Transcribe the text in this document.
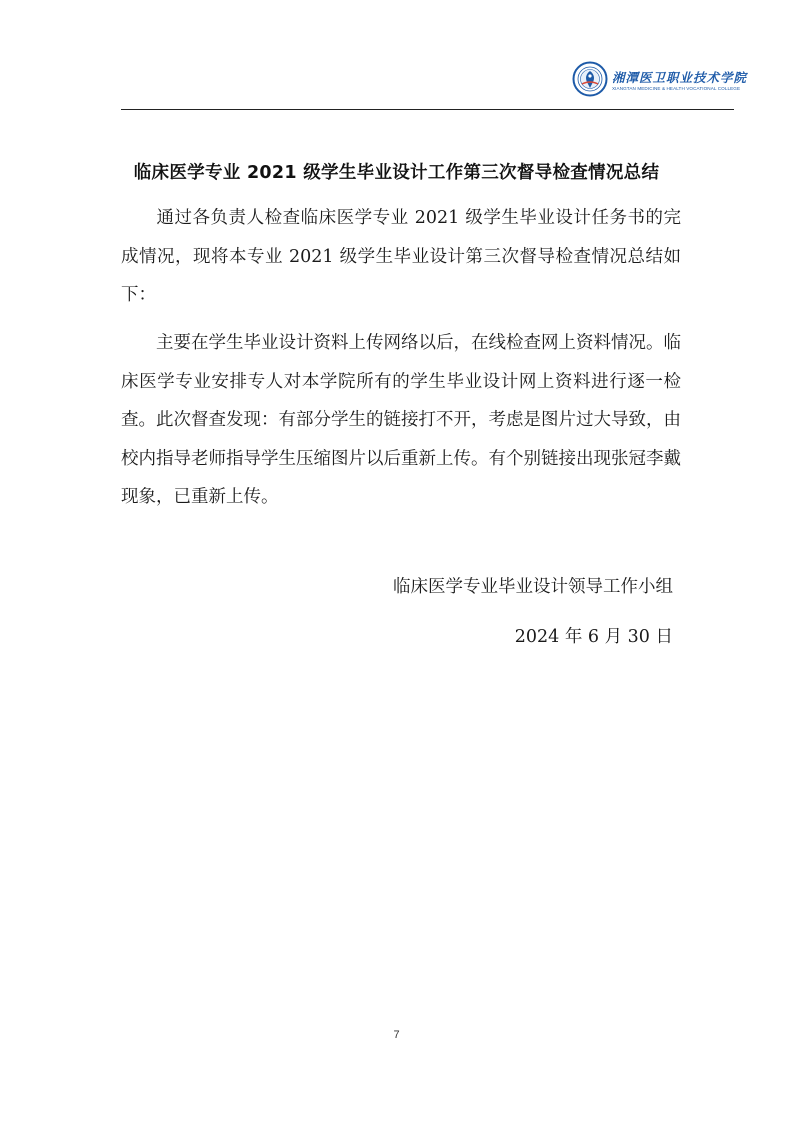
湘潭医卫职业技术学院
XIANGTAN MEDICINE & HEALTH VOCATIONAL COLLEGE
临床医学专业 2021 级学生毕业设计工作第三次督导检查情况总结
通过各负责人检查临床医学专业 2021 级学生毕业设计任务书的完成情况，现将本专业 2021 级学生毕业设计第三次督导检查情况总结如下：
主要在学生毕业设计资料上传网络以后，在线检查网上资料情况。临床医学专业安排专人对本学院所有的学生毕业设计网上资料进行逐一检查。此次督查发现：有部分学生的链接打不开，考虑是图片过大导致，由校内指导老师指导学生压缩图片以后重新上传。有个别链接出现张冠李戴现象，已重新上传。
临床医学专业毕业设计领导工作小组
2024 年 6 月 30 日
7
